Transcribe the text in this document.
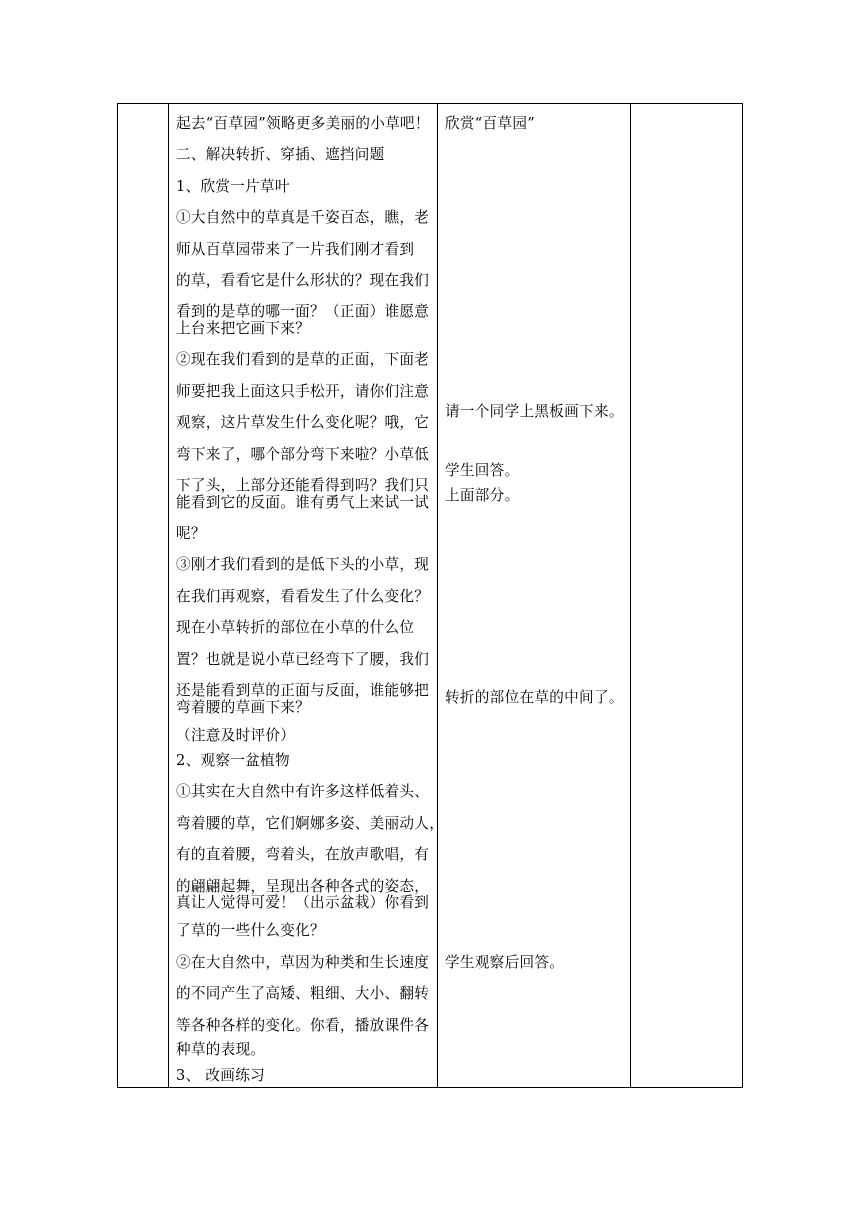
起去“百草园”领略更多美丽的小草吧！
二、解决转折、穿插、遮挡问题
1、欣赏一片草叶
①大自然中的草真是千姿百态，瞧，老
师从百草园带来了一片我们刚才看到
的草，看看它是什么形状的？现在我们
看到的是草的哪一面？（正面）谁愿意
上台来把它画下来？
②现在我们看到的是草的正面，下面老
师要把我上面这只手松开，请你们注意
观察，这片草发生什么变化呢？哦，它
弯下来了，哪个部分弯下来啦？小草低
下了头，上部分还能看得到吗？我们只
能看到它的反面。谁有勇气上来试一试
呢？
③刚才我们看到的是低下头的小草，现
在我们再观察，看看发生了什么变化？
现在小草转折的部位在小草的什么位
置？也就是说小草已经弯下了腰，我们
还是能看到草的正面与反面，谁能够把
弯着腰的草画下来？
（注意及时评价）
2、观察一盆植物
①其实在大自然中有许多这样低着头、
弯着腰的草，它们婀娜多姿、美丽动人，
有的直着腰，弯着头，在放声歌唱，有
的翩翩起舞，呈现出各种各式的姿态，
真让人觉得可爱！（出示盆栽）你看到
了草的一些什么变化？
②在大自然中，草因为种类和生长速度
的不同产生了高矮、粗细、大小、翻转
等各种各样的变化。你看，播放课件各
种草的表现。
3、 改画练习
欣赏“百草园”
请一个同学上黑板画下来。
学生回答。
上面部分。
转折的部位在草的中间了。
学生观察后回答。
